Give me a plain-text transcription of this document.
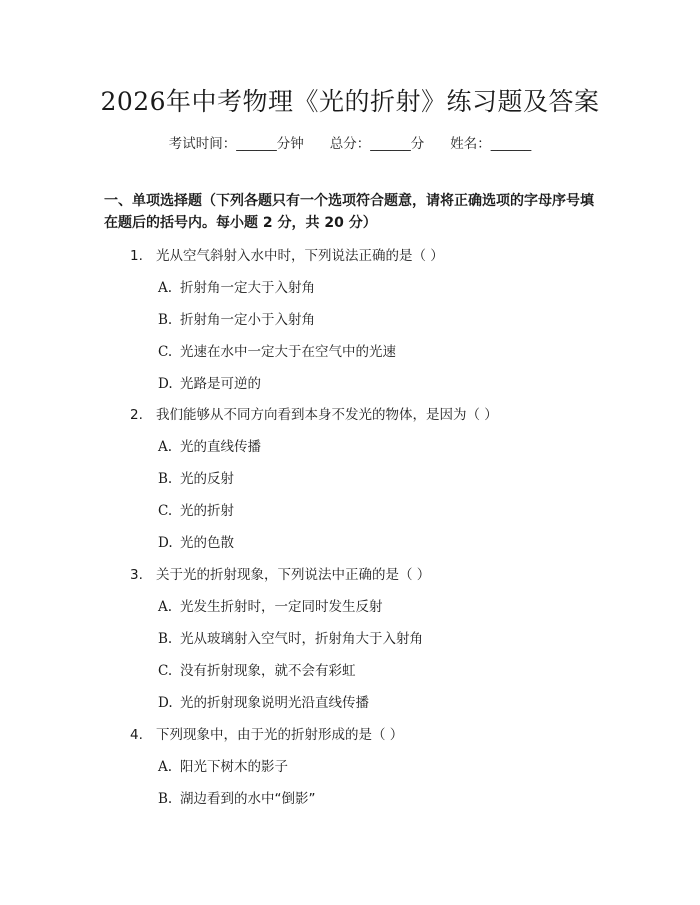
2026年中考物理《光的折射》练习题及答案
考试时间：______分钟 总分：______分 姓名：______
一、单项选择题（下列各题只有一个选项符合题意，请将正确选项的字母序号填在题后的括号内。每小题 2 分，共 20 分）
1. 光从空气斜射入水中时，下列说法正确的是（ ）
A. 折射角一定大于入射角
B. 折射角一定小于入射角
C. 光速在水中一定大于在空气中的光速
D. 光路是可逆的
2. 我们能够从不同方向看到本身不发光的物体，是因为（ ）
A. 光的直线传播
B. 光的反射
C. 光的折射
D. 光的色散
3. 关于光的折射现象，下列说法中正确的是（ ）
A. 光发生折射时，一定同时发生反射
B. 光从玻璃射入空气时，折射角大于入射角
C. 没有折射现象，就不会有彩虹
D. 光的折射现象说明光沿直线传播
4. 下列现象中，由于光的折射形成的是（ ）
A. 阳光下树木的影子
B. 湖边看到的水中“倒影”
